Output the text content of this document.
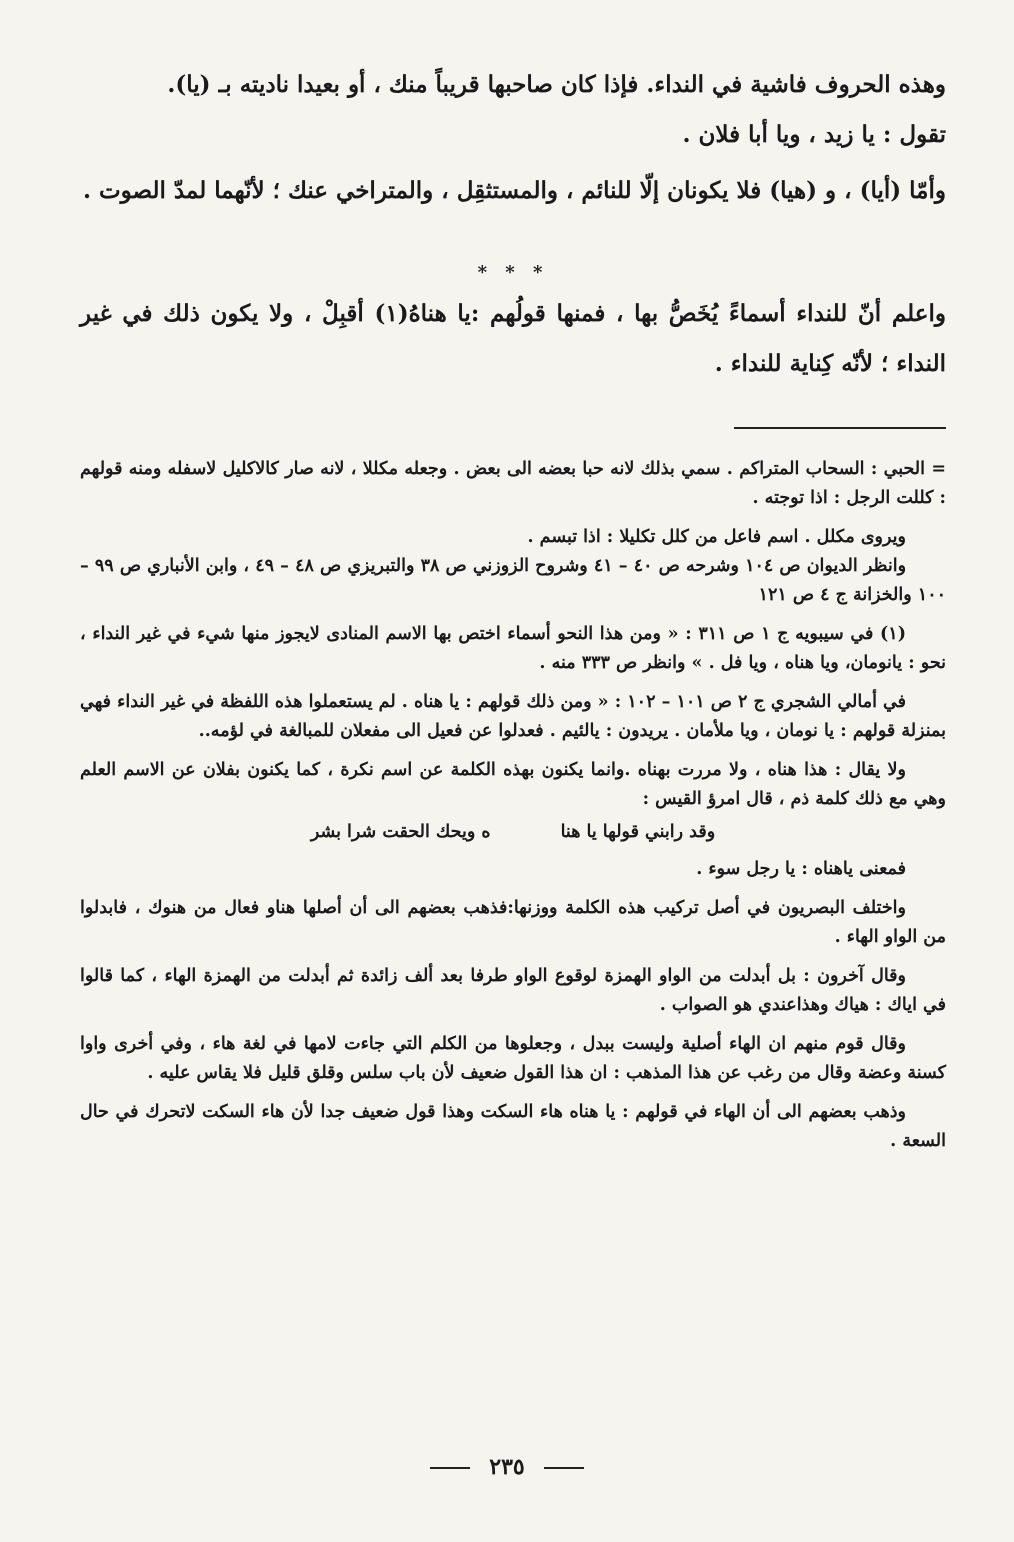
وهذه الحروف فاشية في النداء. فإذا كان صاحبها قريباً منك ، أو بعيدا ناديته بـ (يا).

تقول : يا زيد ، ويا أبا فلان .

وأمّا (أيا) ، و (هيا) فلا يكونان إلّا للنائم ، والمستثقِل ، والمتراخي عنك ؛ لأنّهما لمدّ الصوت .

* * *

واعلم أنّ للنداء أسماءً يُخَصُّ بها ، فمنها قولُهم :يا هناهُ(١) أقبِلْ ، ولا يكون ذلك في غير النداء ؛ لأنّه كِناية للنداء .

= الحبي : السحاب المتراكم . سمي بذلك لانه حبا بعضه الى بعض . وجعله مكللا ، لانه صار كالاكليل لاسفله ومنه قولهم : كللت الرجل : اذا توجته .

ويروى مكلل . اسم فاعل من كلل تكليلا : اذا تبسم .

وانظر الديوان ص ١٠٤ وشرحه ص ٤٠ – ٤١ وشروح الزوزني ص ٣٨ والتبريزي ص ٤٨ – ٤٩ ، وابن الأنباري ص ٩٩ – ١٠٠ والخزانة ج ٤ ص ١٢١

(١) في سيبويه ج ١ ص ٣١١ : « ومن هذا النحو أسماء اختص بها الاسم المنادى لايجوز منها شيء في غير النداء ، نحو : يانومان، ويا هناه ، ويا فل . » وانظر ص ٣٣٣ منه .

في أمالي الشجري ج ٢ ص ١٠١ – ١٠٢ : « ومن ذلك قولهم : يا هناه . لم يستعملوا هذه اللفظة في غير النداء فهي بمنزلة قولهم : يا نومان ، ويا ملأمان . يريدون : يالئيم . فعدلوا عن فعيل الى مفعلان للمبالغة في لؤمه..

ولا يقال : هذا هناه ، ولا مررت بهناه .وانما يكنون بهذه الكلمة عن اسم نكرة ، كما يكنون بفلان عن الاسم العلم وهي مع ذلك كلمة ذم ، قال امرؤ القيس :

وقد رابني قولها يا هنا
ه ويحك الحقت شرا بشر

فمعنى ياهناه : يا رجل سوء .

واختلف البصريون في أصل تركيب هذه الكلمة ووزنها:فذهب بعضهم الى أن أصلها هناو فعال من هنوك ، فابدلوا من الواو الهاء .

وقال آخرون : بل أبدلت من الواو الهمزة لوقوع الواو طرفا بعد ألف زائدة ثم أبدلت من الهمزة الهاء ، كما قالوا في اياك : هياك وهذاعندي هو الصواب .

وقال قوم منهم ان الهاء أصلية وليست ببدل ، وجعلوها من الكلم التي جاءت لامها في لغة هاء ، وفي أخرى واوا كسنة وعضة وقال من رغب عن هذا المذهب : ان هذا القول ضعيف لأن باب سلس وقلق قليل فلا يقاس عليه .

وذهب بعضهم الى أن الهاء في قولهم : يا هناه هاء السكت وهذا قول ضعيف جدا لأن هاء السكت لاتحرك في حال السعة .

٢٣٥
